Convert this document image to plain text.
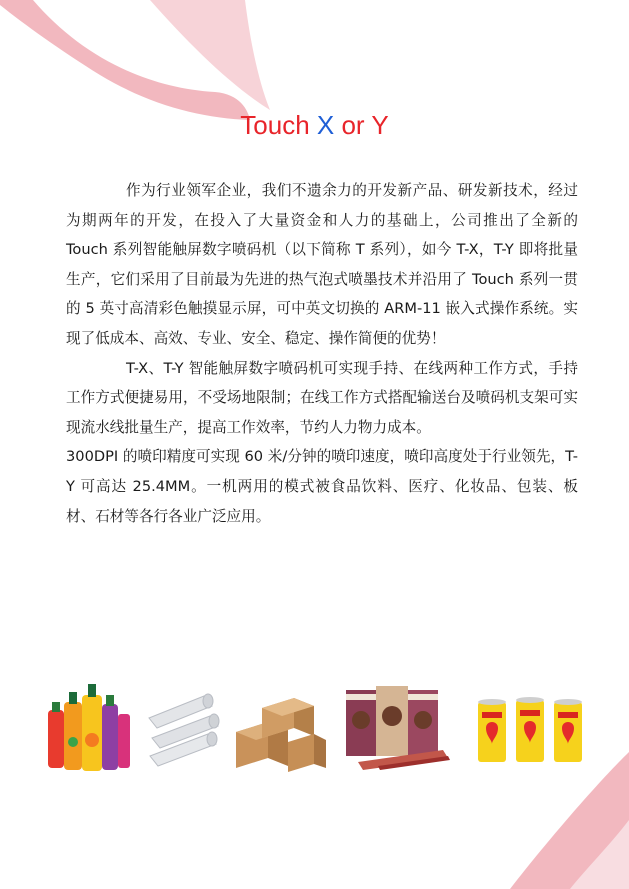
Touch X or Y

作为行业领军企业，我们不遗余力的开发新产品、研发新技术，经过为期两年的开发，在投入了大量资金和人力的基础上，公司推出了全新的 Touch 系列智能触屏数字喷码机（以下简称 T 系列），如今 T-X，T-Y 即将批量生产，它们采用了目前最为先进的热气泡式喷墨技术并沿用了 Touch 系列一贯的 5 英寸高清彩色触摸显示屏，可中英文切换的 ARM-11 嵌入式操作系统。实现了低成本、高效、专业、安全、稳定、操作简便的优势！

T-X、T-Y 智能触屏数字喷码机可实现手持、在线两种工作方式，手持工作方式便捷易用，不受场地限制；在线工作方式搭配输送台及喷码机支架可实现流水线批量生产，提高工作效率，节约人力物力成本。

300DPI 的喷印精度可实现 60 米/分钟的喷印速度，喷印高度处于行业领先，T-Y 可高达 25.4MM。一机两用的模式被食品饮料、医疗、化妆品、包装、板材、石材等各行各业广泛应用。
